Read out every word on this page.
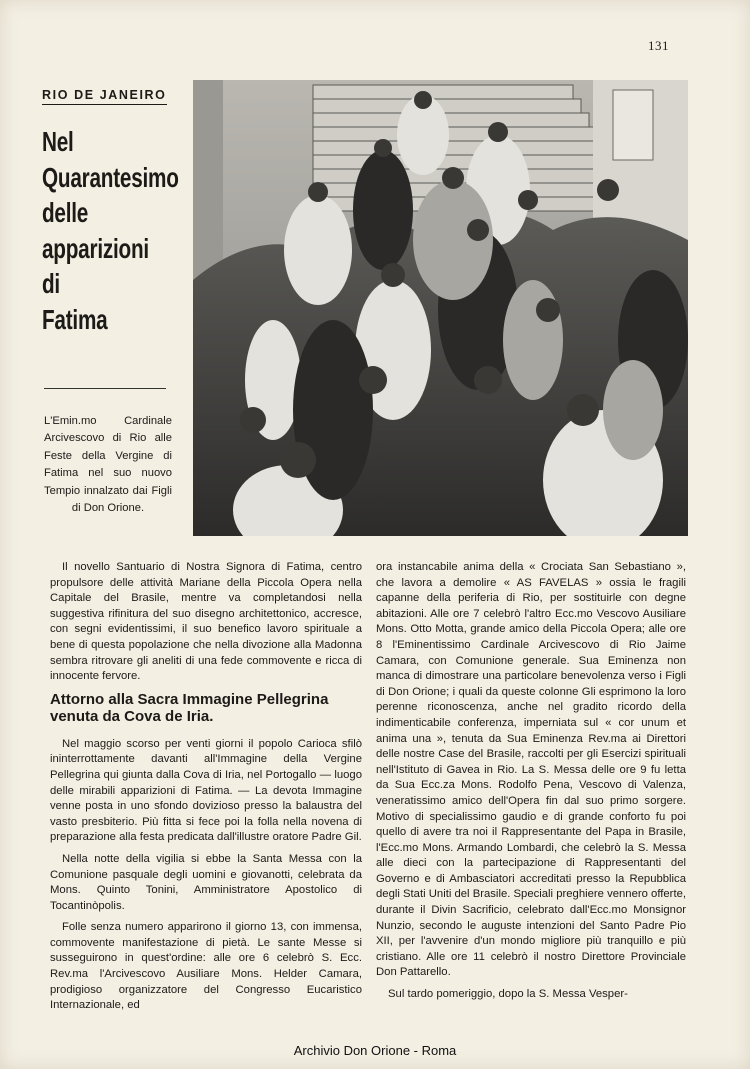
131
RIO DE JANEIRO
Nel
Quarantesimo
delle
apparizioni
di
Fatima

L'Emin.mo Cardinale Arcivescovo di Rio alle Feste della Vergine di Fatima nel suo nuovo Tempio innalzato dai Figli di Don Orione.

Il novello Santuario di Nostra Signora di Fatima, centro propulsore delle attività Mariane della Piccola Opera nella Capitale del Brasile, mentre va completandosi nella suggestiva rifinitura del suo disegno architettonico, accresce, con segni evidentissimi, il suo benefico lavoro spirituale a bene di questa popolazione che nella divozione alla Madonna sembra ritrovare gli aneliti di una fede commovente e ricca di innocente fervore.

Attorno alla Sacra Immagine Pellegrina venuta da Cova de Iria.

Nel maggio scorso per venti giorni il popolo Carioca sfilò ininterrottamente davanti all'Immagine della Vergine Pellegrina qui giunta dalla Cova di Iria, nel Portogallo — luogo delle mirabili apparizioni di Fatima. — La devota Immagine venne posta in uno sfondo dovizioso presso la balaustra del vasto presbiterio. Più fitta si fece poi la folla nella novena di preparazione alla festa predicata dall'illustre oratore Padre Gil.

Nella notte della vigilia si ebbe la Santa Messa con la Comunione pasquale degli uomini e giovanotti, celebrata da Mons. Quinto Tonini, Amministratore Apostolico di Tocantinòpolis.

Folle senza numero apparirono il giorno 13, con immensa, commovente manifestazione di pietà. Le sante Messe si susseguirono in quest'ordine: alle ore 6 celebrò S. Ecc. Rev.ma l'Arcivescovo Ausiliare Mons. Helder Camara, prodigioso organizzatore del Congresso Eucaristico Internazionale, ed

ora instancabile anima della « Crociata San Sebastiano », che lavora a demolire « AS FAVELAS » ossia le fragili capanne della periferia di Rio, per sostituirle con degne abitazioni. Alle ore 7 celebrò l'altro Ecc.mo Vescovo Ausiliare Mons. Otto Motta, grande amico della Piccola Opera; alle ore 8 l'Eminentissimo Cardinale Arcivescovo di Rio Jaime Camara, con Comunione generale. Sua Eminenza non manca di dimostrare una particolare benevolenza verso i Figli di Don Orione; i quali da queste colonne Gli esprimono la loro perenne riconoscenza, anche nel gradito ricordo della indimenticabile conferenza, imperniata sul « cor unum et anima una », tenuta da Sua Eminenza Rev.ma ai Direttori delle nostre Case del Brasile, raccolti per gli Esercizi spirituali nell'Istituto di Gavea in Rio. La S. Messa delle ore 9 fu letta da Sua Ecc.za Mons. Rodolfo Pena, Vescovo di Valenza, veneratissimo amico dell'Opera fin dal suo primo sorgere. Motivo di specialissimo gaudio e di grande conforto fu poi quello di avere tra noi il Rappresentante del Papa in Brasile, l'Ecc.mo Mons. Armando Lombardi, che celebrò la S. Messa alle dieci con la partecipazione di Rappresentanti del Governo e di Ambasciatori accreditati presso la Repubblica degli Stati Uniti del Brasile. Speciali preghiere vennero offerte, durante il Divin Sacrificio, celebrato dall'Ecc.mo Monsignor Nunzio, secondo le auguste intenzioni del Santo Padre Pio XII, per l'avvenire d'un mondo migliore più tranquillo e più cristiano. Alle ore 11 celebrò il nostro Direttore Provinciale Don Pattarello.

Sul tardo pomeriggio, dopo la S. Messa Vesper-

Archivio Don Orione - Roma
